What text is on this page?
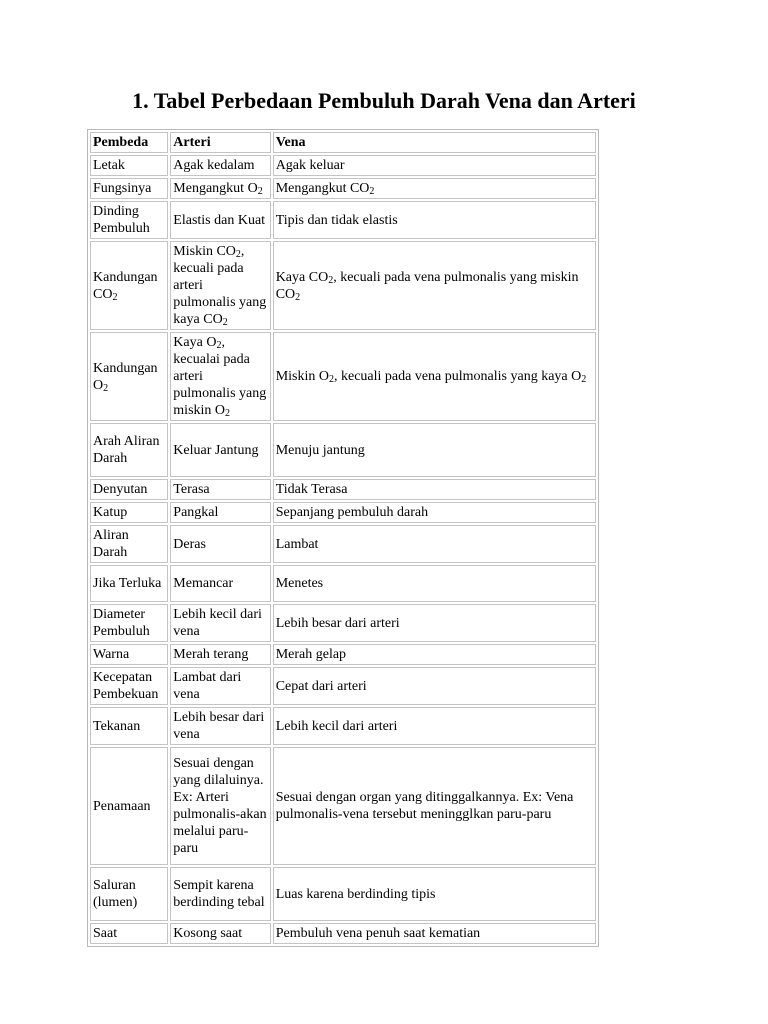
1. Tabel Perbedaan Pembuluh Darah Vena dan Arteri
Pembeda	Arteri	Vena
Letak	Agak kedalam	Agak keluar
Fungsinya	Mengangkut $O_2$	Mengangkut $CO_2$
Dinding Pembuluh	Elastis dan Kuat	Tipis dan tidak elastis
Kandungan $CO_2$	Miskin $CO_2$, kecuali pada arteri pulmonalis yang kaya $CO_2$	Kaya $CO_2$, kecuali pada vena pulmonalis yang miskin $CO_2$
Kandungan $O_2$	Kaya $O_2$, kecualai pada arteri pulmonalis yang miskin $O_2$	Miskin $O_2$, kecuali pada vena pulmonalis yang kaya $O_2$
Arah Aliran Darah	Keluar Jantung	Menuju jantung
Denyutan	Terasa	Tidak Terasa
Katup	Pangkal	Sepanjang pembuluh darah
Aliran Darah	Deras	Lambat
Jika Terluka	Memancar	Menetes
Diameter Pembuluh	Lebih kecil dari vena	Lebih besar dari arteri
Warna	Merah terang	Merah gelap
Kecepatan Pembekuan	Lambat dari vena	Cepat dari arteri
Tekanan	Lebih besar dari vena	Lebih kecil dari arteri
Penamaan	Sesuai dengan yang dilaluinya. Ex: Arteri pulmonalis-akan melalui paru-paru	Sesuai dengan organ yang ditinggalkannya. Ex: Vena pulmonalis-vena tersebut meningglkan paru-paru
Saluran (lumen)	Sempit karena berdinding tebal	Luas karena berdinding tipis
Saat	Kosong saat	Pembuluh vena penuh saat kematian
